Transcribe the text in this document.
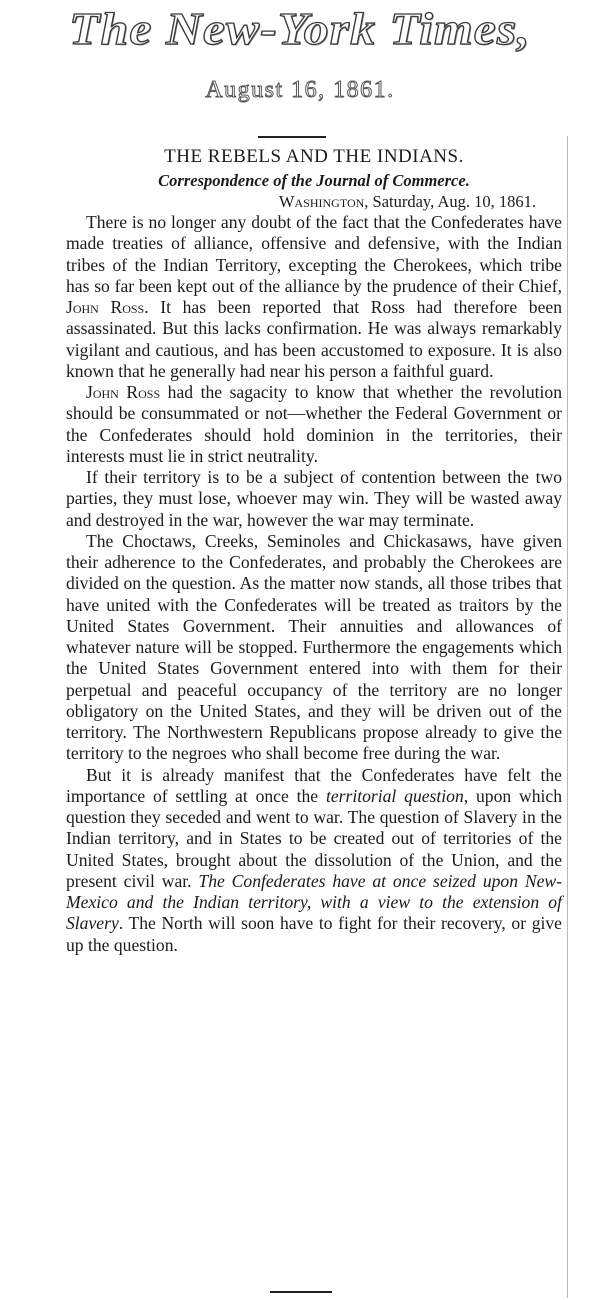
The New-York Times,
August 16, 1861.
THE REBELS AND THE INDIANS.
Correspondence of the Journal of Commerce.
Washington, Saturday, Aug. 10, 1861.

There is no longer any doubt of the fact that the Confederates have made treaties of alliance, offensive and defensive, with the Indian tribes of the Indian Territory, excepting the Cherokees, which tribe has so far been kept out of the alliance by the prudence of their Chief, John Ross. It has been reported that Ross had therefore been assassinated. But this lacks confirmation. He was always remarkably vigilant and cautious, and has been accustomed to exposure. It is also known that he generally had near his person a faithful guard.

John Ross had the sagacity to know that whether the revolution should be consummated or not—whether the Federal Government or the Confederates should hold dominion in the territories, their interests must lie in strict neutrality.

If their territory is to be a subject of contention between the two parties, they must lose, whoever may win. They will be wasted away and destroyed in the war, however the war may terminate.

The Choctaws, Creeks, Seminoles and Chickasaws, have given their adherence to the Confederates, and probably the Cherokees are divided on the question. As the matter now stands, all those tribes that have united with the Confederates will be treated as traitors by the United States Government. Their annuities and allowances of whatever nature will be stopped. Furthermore the engagements which the United States Government entered into with them for their perpetual and peaceful occupancy of the territory are no longer obligatory on the United States, and they will be driven out of the territory. The Northwestern Republicans propose already to give the territory to the negroes who shall become free during the war.

But it is already manifest that the Confederates have felt the importance of settling at once the territorial question, upon which question they seceded and went to war. The question of Slavery in the Indian territory, and in States to be created out of territories of the United States, brought about the dissolution of the Union, and the present civil war. The Confederates have at once seized upon New-Mexico and the Indian territory, with a view to the extension of Slavery. The North will soon have to fight for their recovery, or give up the question.
